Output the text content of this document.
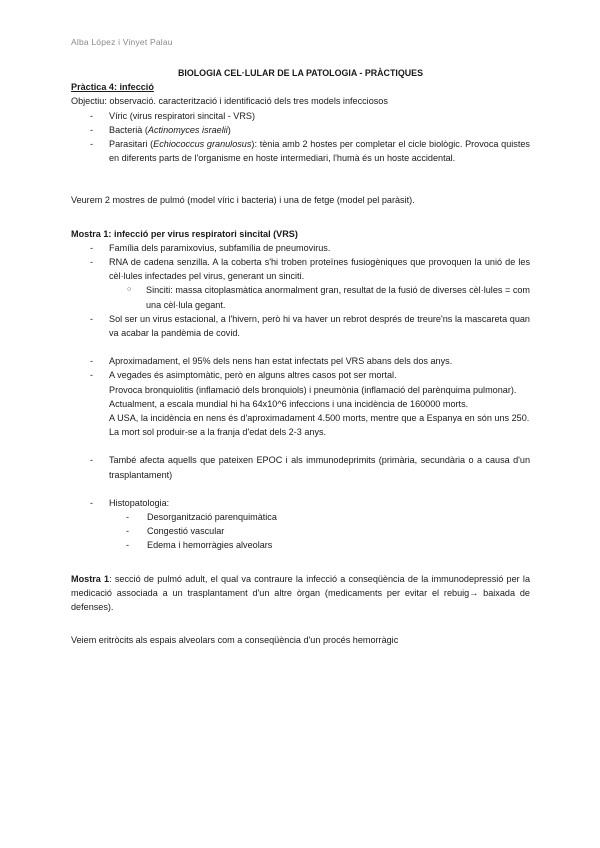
Alba López i Vinyet Palau

BIOLOGIA CEL·LULAR DE LA PATOLOGIA - PRÀCTIQUES

Pràctica 4: infecció

Objectiu: observació. caracterització i identificació dels tres models infecciosos

- Víric (virus respiratori sincital - VRS)
- Bacterià (Actinomyces israelii)
- Parasitari (Echiococcus granulosus): tènia amb 2 hostes per completar el cicle biològic. Provoca quistes en diferents parts de l'organisme en hoste intermediari, l'humà és un hoste accidental.

Veurem 2 mostres de pulmó (model víric i bacteria) i una de fetge (model pel paràsit).

Mostra 1: infecció per virus respiratori sincital (VRS)

- Família dels paramixovius, subfamília de pneumovirus.
- RNA de cadena senzilla. A la coberta s'hi troben proteïnes fusiogèniques que provoquen la unió de les cèl·lules infectades pel virus, generant un sinciti.
○ Sinciti: massa citoplasmàtica anormalment gran, resultat de la fusió de diverses cèl·lules = com una cèl·lula gegant.
- Sol ser un virus estacional, a l'hivern, però hi va haver un rebrot després de treure'ns la mascareta quan va acabar la pandèmia de covid.
- Aproximadament, el 95% dels nens han estat infectats pel VRS abans dels dos anys.
- A vegades és asimptomàtic, però en alguns altres casos pot ser mortal.
Provoca bronquiolitis (inflamació dels bronquiols) i pneumònia (inflamació del parènquima pulmonar).
Actualment, a escala mundial hi ha 64x10^6 infeccions i una incidència de 160000 morts.
A USA, la incidència en nens és d'aproximadament 4.500 morts, mentre que a Espanya en són uns 250.
La mort sol produir-se a la franja d'edat dels 2-3 anys.
- També afecta aquells que pateixen EPOC i als immunodeprimits (primària, secundària o a causa d'un trasplantament)
- Histopatologia:
- Desorganització parenquimàtica
- Congestió vascular
- Edema i hemorràgies alveolars

Mostra 1: secció de pulmó adult, el qual va contraure la infecció a conseqüència de la immunodepressió per la medicació associada a un trasplantament d'un altre òrgan (medicaments per evitar el rebuig→ baixada de defenses).

Veiem eritròcits als espais alveolars com a conseqüència d'un procés hemorràgic
